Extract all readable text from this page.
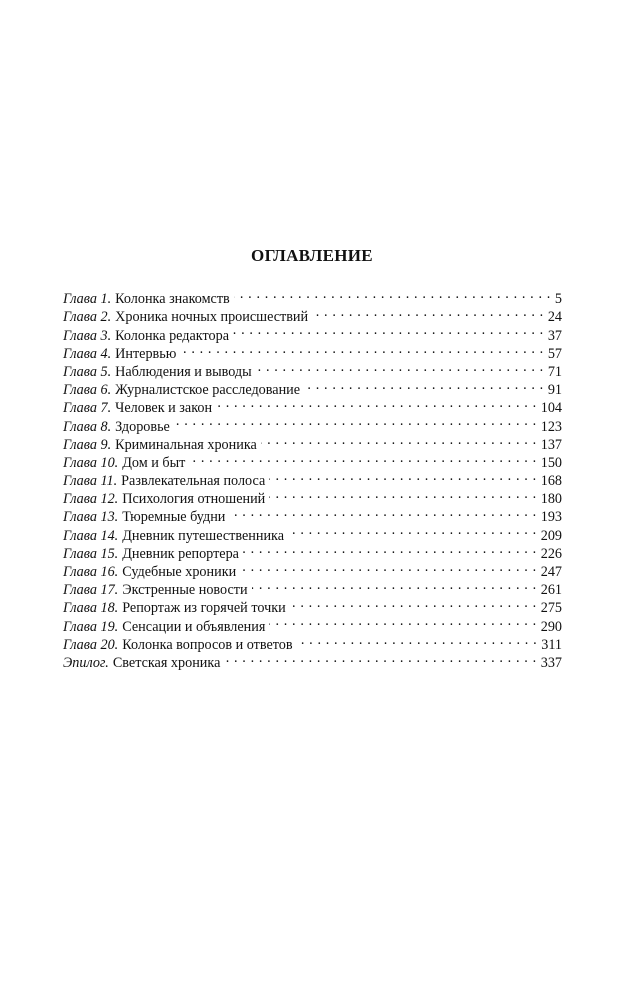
ОГЛАВЛЕНИЕ
Глава 1. Колонка знакомств . . .	5
Глава 2. Хроника ночных происшествий . . .	24
Глава 3. Колонка редактора . . .	37
Глава 4. Интервью . . .	57
Глава 5. Наблюдения и выводы . . .	71
Глава 6. Журналистское расследование . . .	91
Глава 7. Человек и закон . . .	104
Глава 8. Здоровье . . .	123
Глава 9. Криминальная хроника . . .	137
Глава 10. Дом и быт . . .	150
Глава 11. Развлекательная полоса . . .	168
Глава 12. Психология отношений . . .	180
Глава 13. Тюремные будни . . .	193
Глава 14. Дневник путешественника . . .	209
Глава 15. Дневник репортера . . .	226
Глава 16. Судебные хроники . . .	247
Глава 17. Экстренные новости . . .	261
Глава 18. Репортаж из горячей точки . . .	275
Глава 19. Сенсации и объявления . . .	290
Глава 20. Колонка вопросов и ответов . . .	311
Эпилог. Светская хроника . . .	337
